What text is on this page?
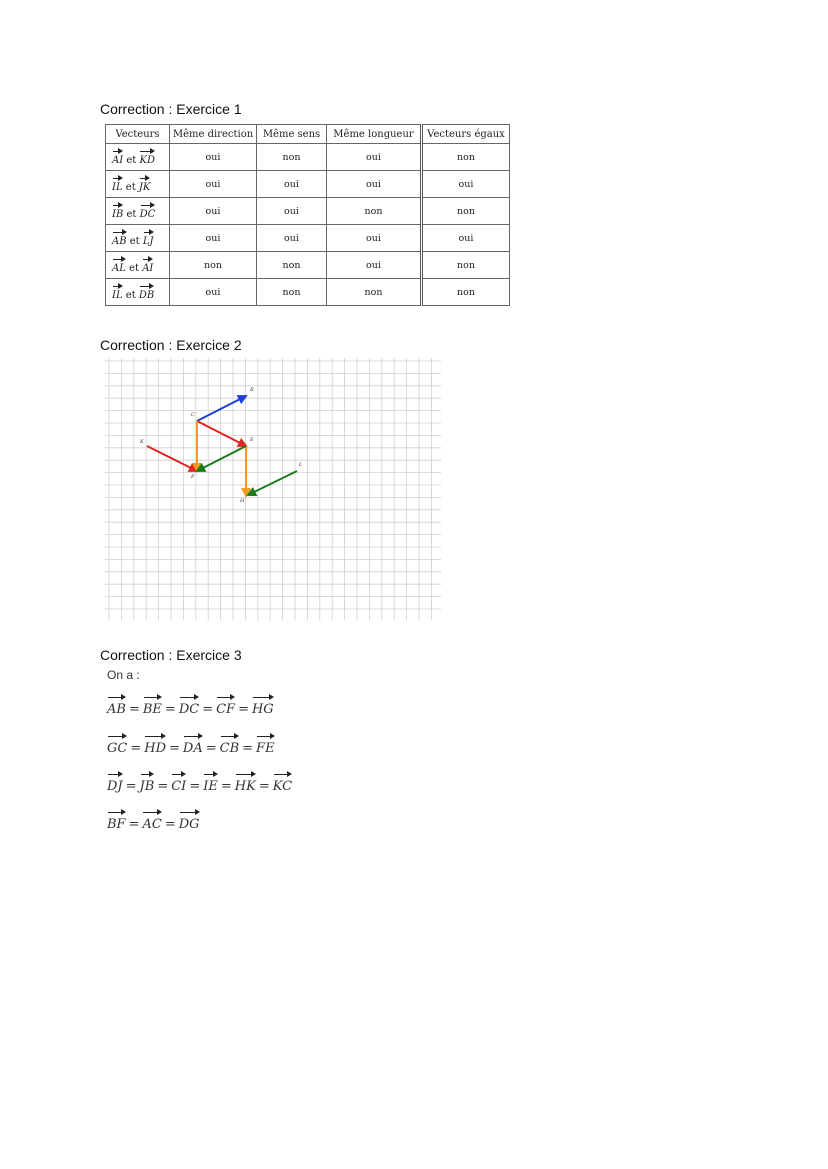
Correction : Exercice 1
Vecteurs	Même direction	Même sens	Même longueur	Vecteurs égaux
AI et KD	oui	non	oui	non
IL et JK	oui	oui	oui	oui
IB et DC	oui	oui	non	non
AB et LJ	oui	oui	oui	oui
AL et AI	non	non	oui	non
IL et DB	oui	non	non	non
Correction : Exercice 2
B
C
K	E
F
L
H
Correction : Exercice 3
On a :
AB = BE = DC = CF = HG
GC = HD = DA = CB = FE
DJ = JB = CI = IE = HK = KC
BF = AC = DG
